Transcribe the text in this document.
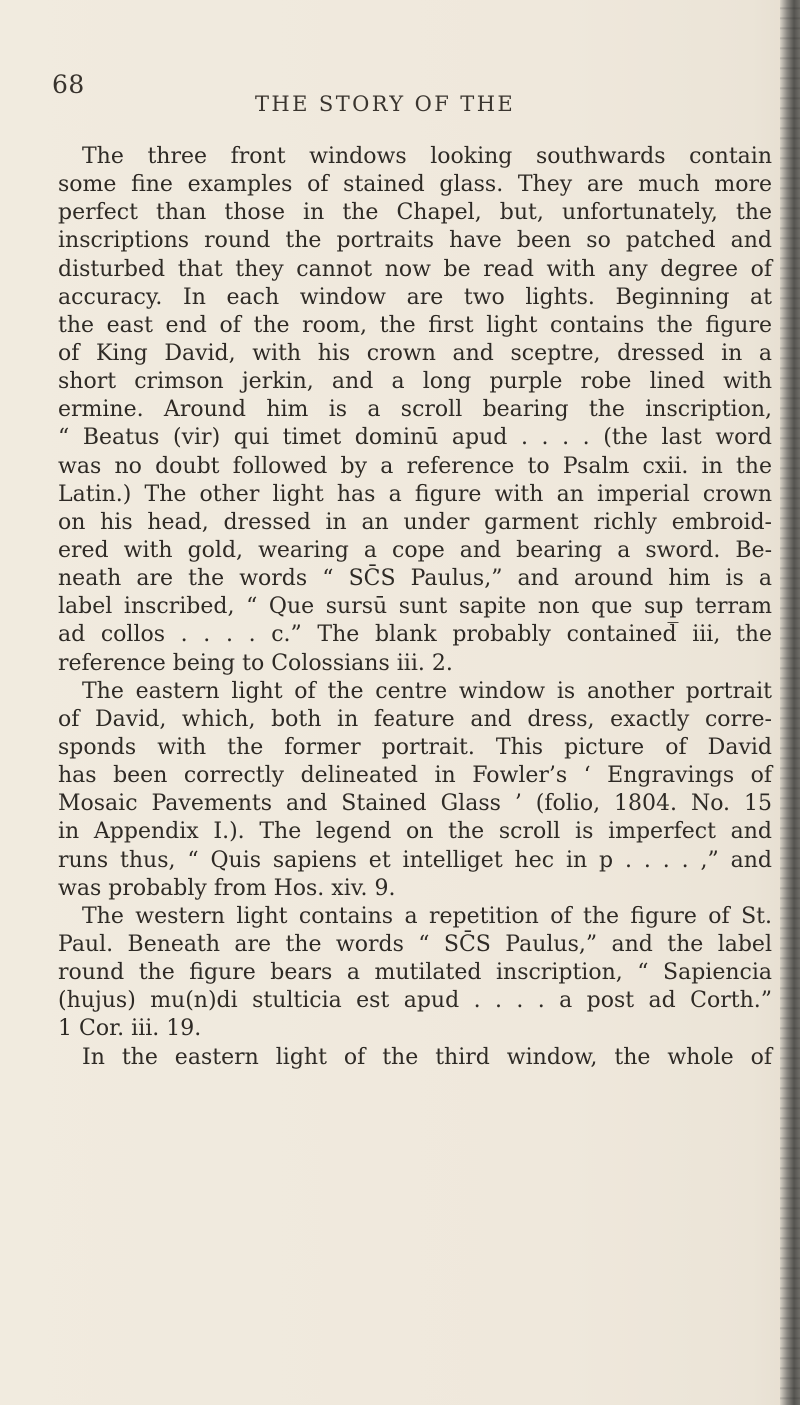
68
THE STORY OF THE
The three front windows looking southwards contain
some fine examples of stained glass. They are much more
perfect than those in the Chapel, but, unfortunately, the
inscriptions round the portraits have been so patched and
disturbed that they cannot now be read with any degree of
accuracy. In each window are two lights. Beginning at
the east end of the room, the first light contains the figure
of King David, with his crown and sceptre, dressed in a
short crimson jerkin, and a long purple robe lined with
ermine. Around him is a scroll bearing the inscription,
“ Beatus (vir) qui timet dominū apud . . . . (the last word
was no doubt followed by a reference to Psalm cxii. in the
Latin.) The other light has a figure with an imperial crown
on his head, dressed in an under garment richly embroid-
ered with gold, wearing a cope and bearing a sword. Be-
neath are the words “ SC̄S Paulus,” and around him is a
label inscribed, “ Que sursū sunt sapite non que sup̲ terram
ad collos . . . . c.” The blank probably contained iii, the
reference being to Colossians iii. 2.
The eastern light of the centre window is another portrait
of David, which, both in feature and dress, exactly corre-
sponds with the former portrait. This picture of David
has been correctly delineated in Fowler’s ‘ Engravings of
Mosaic Pavements and Stained Glass ’ (folio, 1804. No. 15
in Appendix I.). The legend on the scroll is imperfect and
runs thus, “ Quis sapiens et intelliget hec in p . . . . ,” and
was probably from Hos. xiv. 9.
The western light contains a repetition of the figure of St.
Paul. Beneath are the words “ SC̄S Paulus,” and the label
round the figure bears a mutilated inscription, “ Sapiencia
(hujus) mu(n)di stulticia est apud . . . . a post ad Corth.”
1 Cor. iii. 19.
In the eastern light of the third window, the whole of
